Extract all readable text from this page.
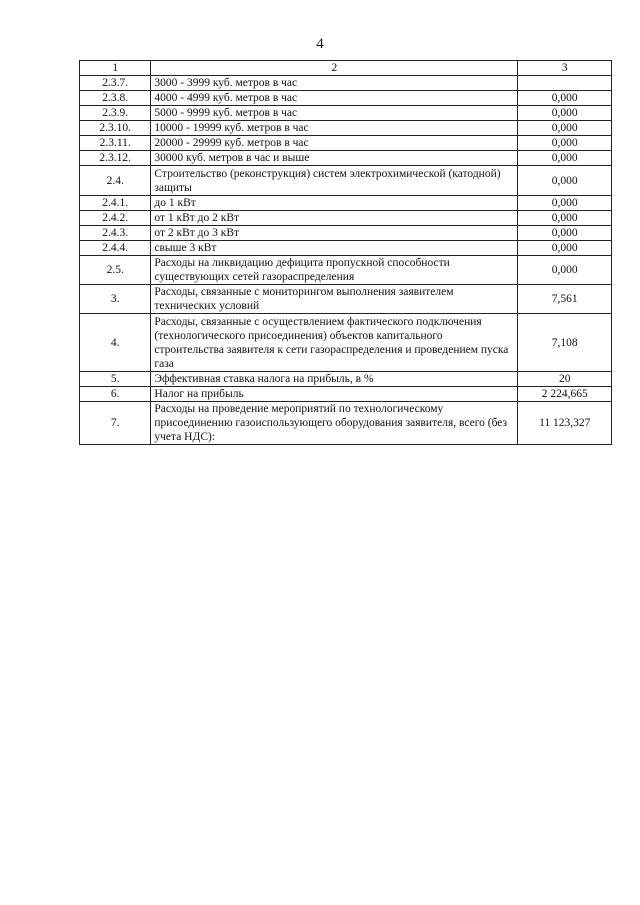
4
1	2	3
2.3.7.	3000 - 3999 куб. метров в час	
2.3.8.	4000 - 4999 куб. метров в час	0,000
2.3.9.	5000 - 9999 куб. метров в час	0,000
2.3.10.	10000 - 19999 куб. метров в час	0,000
2.3.11.	20000 - 29999 куб. метров в час	0,000
2.3.12.	30000 куб. метров в час и выше	0,000
2.4.	Строительство (реконструкция) систем электрохимической (катодной) защиты	0,000
2.4.1.	до 1 кВт	0,000
2.4.2.	от 1 кВт до 2 кВт	0,000
2.4.3.	от 2 кВт до 3 кВт	0,000
2.4.4.	свыше 3 кВт	0,000
2.5.	Расходы на ликвидацию дефицита пропускной способности существующих сетей газораспределения	0,000
3.	Расходы, связанные с мониторингом выполнения заявителем технических условий	7,561
4.	Расходы, связанные с осуществлением фактического подключения (технологического присоединения) объектов капитального строительства заявителя к сети газораспределения и проведением пуска газа	7,108
5.	Эффективная ставка налога на прибыль, в %	20
6.	Налог на прибыль	2 224,665
7.	Расходы на проведение мероприятий по технологическому присоединению газоиспользующего оборудования заявителя, всего (без учета НДС):	11 123,327
